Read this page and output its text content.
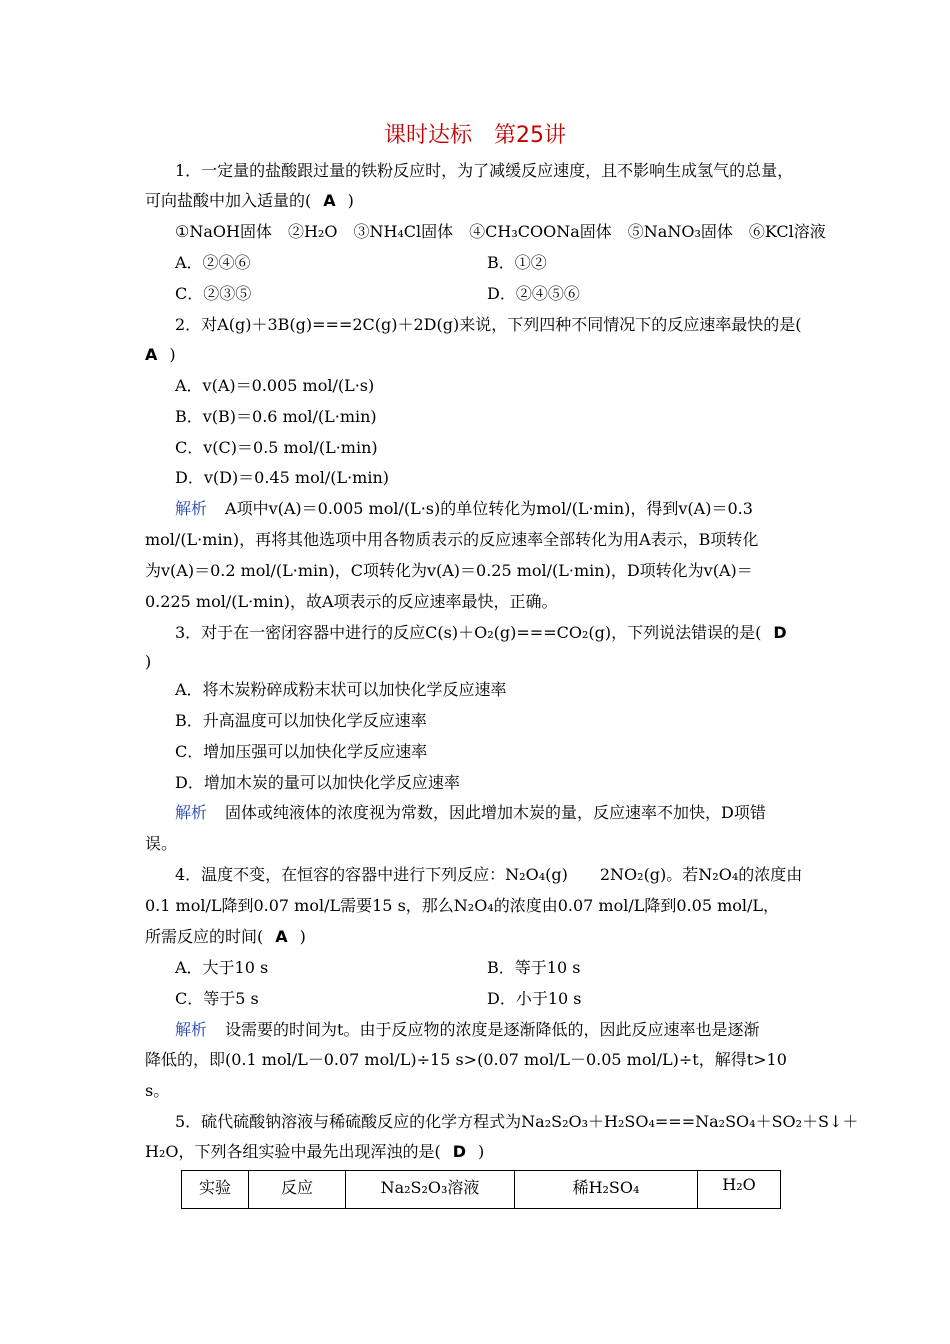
课时达标　第25讲
1．一定量的盐酸跟过量的铁粉反应时，为了减缓反应速度，且不影响生成氢气的总量，
可向盐酸中加入适量的( A )
①NaOH固体　②H₂O　③NH₄Cl固体　④CH₃COONa固体　⑤NaNO₃固体　⑥KCl溶液
A．②④⑥	B．①②
C．②③⑤	D．②④⑤⑥
2．对A(g)＋3B(g)===2C(g)＋2D(g)来说，下列四种不同情况下的反应速率最快的是(
A )
A．v(A)＝0.005 mol/(L·s)
B．v(B)＝0.6 mol/(L·min)
C．v(C)＝0.5 mol/(L·min)
D．v(D)＝0.45 mol/(L·min)
解析 A项中v(A)＝0.005 mol/(L·s)的单位转化为mol/(L·min)，得到v(A)＝0.3
mol/(L·min)，再将其他选项中用各物质表示的反应速率全部转化为用A表示，B项转化
为v(A)＝0.2 mol/(L·min)，C项转化为v(A)＝0.25 mol/(L·min)，D项转化为v(A)＝
0.225 mol/(L·min)，故A项表示的反应速率最快，正确。
3．对于在一密闭容器中进行的反应C(s)＋O₂(g)===CO₂(g)，下列说法错误的是( D
)
A．将木炭粉碎成粉末状可以加快化学反应速率
B．升高温度可以加快化学反应速率
C．增加压强可以加快化学反应速率
D．增加木炭的量可以加快化学反应速率
解析 固体或纯液体的浓度视为常数，因此增加木炭的量，反应速率不加快，D项错
误。
4．温度不变，在恒容的容器中进行下列反应：N₂O₄(g)　　2NO₂(g)。若N₂O₄的浓度由
0.1 mol/L降到0.07 mol/L需要15 s，那么N₂O₄的浓度由0.07 mol/L降到0.05 mol/L，
所需反应的时间( A )
A．大于10 s	B．等于10 s
C．等于5 s	D．小于10 s
解析 设需要的时间为t。由于反应物的浓度是逐渐降低的，因此反应速率也是逐渐
降低的，即(0.1 mol/L－0.07 mol/L)÷15 s>(0.07 mol/L－0.05 mol/L)÷t，解得t>10
s。
5．硫代硫酸钠溶液与稀硫酸反应的化学方程式为Na₂S₂O₃＋H₂SO₄===Na₂SO₄＋SO₂＋S↓＋
H₂O，下列各组实验中最先出现浑浊的是( D )
实验	反应	Na₂S₂O₃溶液	稀H₂SO₄	H₂O
